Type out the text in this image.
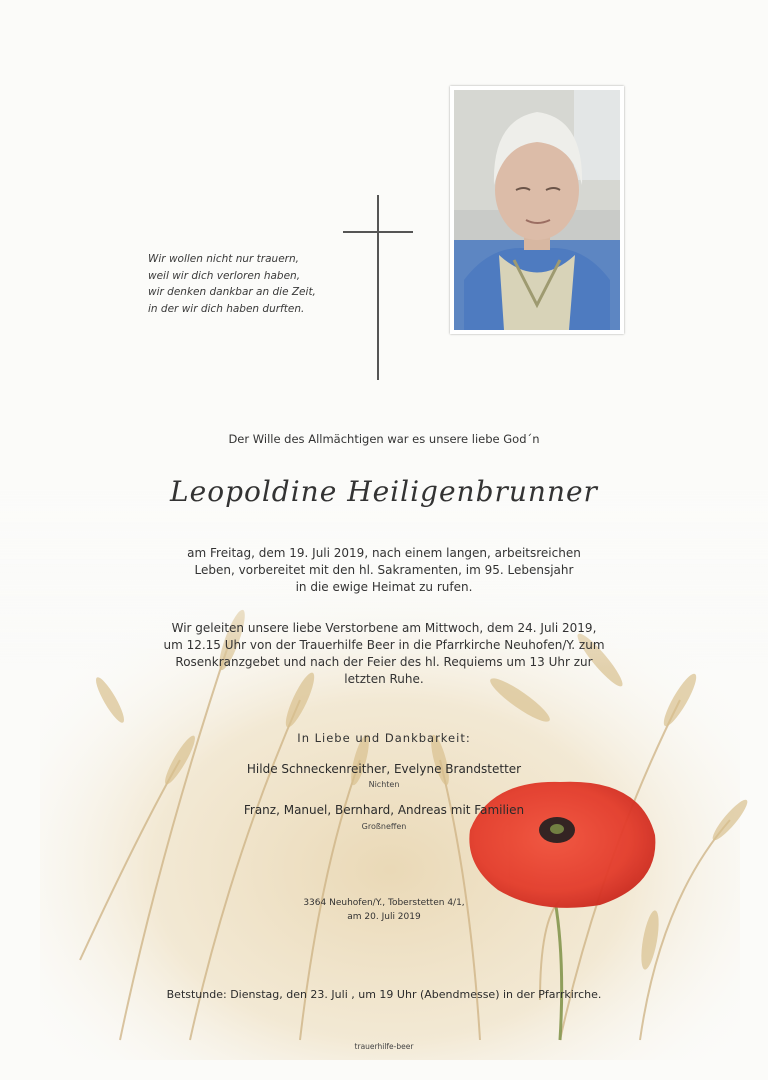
Wir wollen nicht nur trauern,
weil wir dich verloren haben,
wir denken dankbar an die Zeit,
in der wir dich haben durften.
Der Wille des Allmächtigen war es unsere liebe God´n
Leopoldine Heiligenbrunner
am Freitag, dem 19. Juli 2019, nach einem langen, arbeitsreichen
Leben, vorbereitet mit den hl. Sakramenten, im 95. Lebensjahr
in die ewige Heimat zu rufen.
Wir geleiten unsere liebe Verstorbene am Mittwoch, dem 24. Juli 2019,
um 12.15 Uhr von der Trauerhilfe Beer in die Pfarrkirche Neuhofen/Y. zum
Rosenkranzgebet und nach der Feier des hl. Requiems um 13 Uhr zur
letzten Ruhe.
In Liebe und Dankbarkeit:
Hilde Schneckenreither, Evelyne Brandstetter
Nichten
Franz, Manuel, Bernhard, Andreas mit Familien
Großneffen
3364 Neuhofen/Y., Toberstetten 4/1,
am 20. Juli 2019
Betstunde: Dienstag, den 23. Juli , um 19 Uhr (Abendmesse) in der Pfarrkirche.
trauerhilfe-beer
